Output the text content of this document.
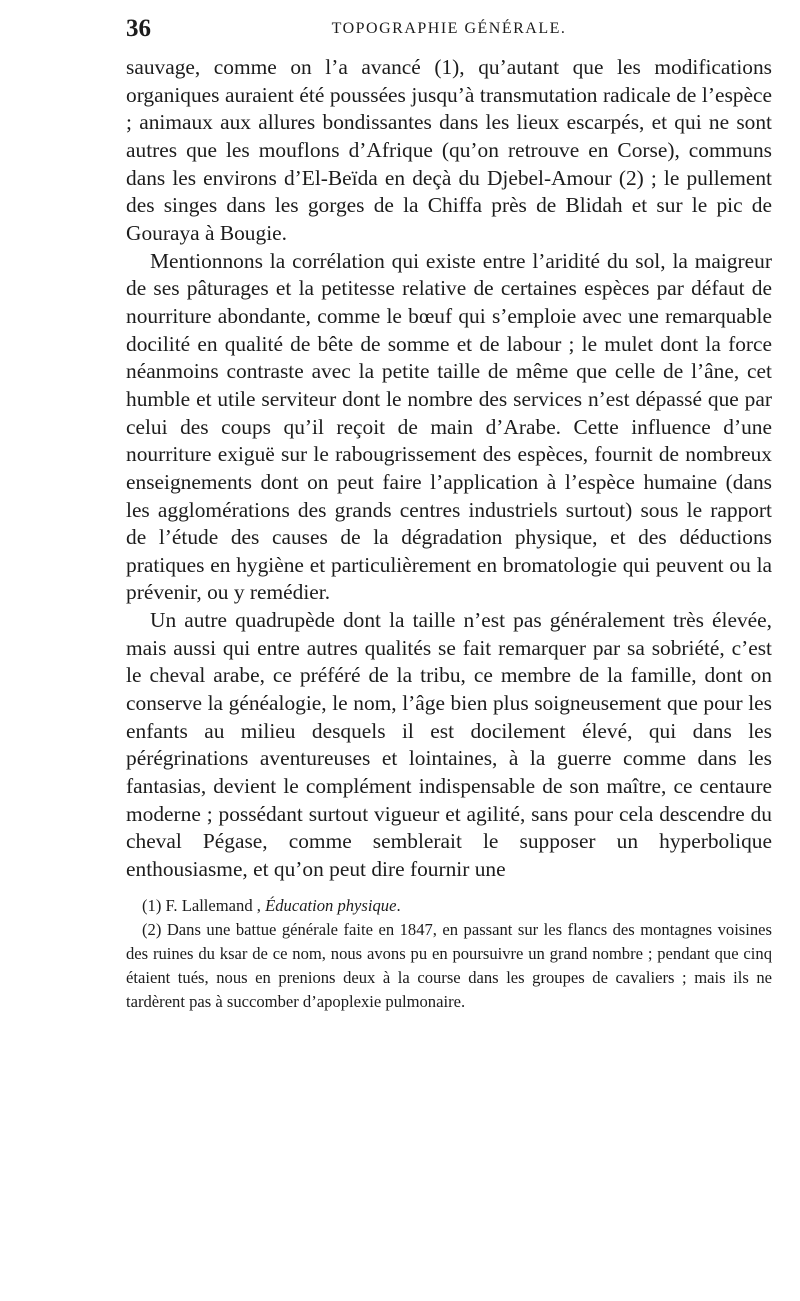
36	TOPOGRAPHIE GÉNÉRALE.

sauvage, comme on l’a avancé (1), qu’autant que les modifications organiques auraient été poussées jusqu’à transmutation radicale de l’espèce ; animaux aux allures bondissantes dans les lieux escarpés, et qui ne sont autres que les mouflons d’Afrique (qu’on retrouve en Corse), communs dans les environs d’El-Beïda en deçà du Djebel-Amour (2) ; le pullement des singes dans les gorges de la Chiffa près de Blidah et sur le pic de Gouraya à Bougie.

Mentionnons la corrélation qui existe entre l’aridité du sol, la maigreur de ses pâturages et la petitesse relative de certaines espèces par défaut de nourriture abondante, comme le bœuf qui s’emploie avec une remarquable docilité en qualité de bête de somme et de labour ; le mulet dont la force néanmoins contraste avec la petite taille de même que celle de l’âne, cet humble et utile serviteur dont le nombre des services n’est dépassé que par celui des coups qu’il reçoit de main d’Arabe. Cette influence d’une nourriture exiguë sur le rabougrissement des espèces, fournit de nombreux enseignements dont on peut faire l’application à l’espèce humaine (dans les agglomérations des grands centres industriels surtout) sous le rapport de l’étude des causes de la dégradation physique, et des déductions pratiques en hygiène et particulièrement en bromatologie qui peuvent ou la prévenir, ou y remédier.

Un autre quadrupède dont la taille n’est pas généralement très élevée, mais aussi qui entre autres qualités se fait remarquer par sa sobriété, c’est le cheval arabe, ce préféré de la tribu, ce membre de la famille, dont on conserve la généalogie, le nom, l’âge bien plus soigneusement que pour les enfants au milieu desquels il est docilement élevé, qui dans les pérégrinations aventureuses et lointaines, à la guerre comme dans les fantasias, devient le complément indispensable de son maître, ce centaure moderne ; possédant surtout vigueur et agilité, sans pour cela descendre du cheval Pégase, comme semblerait le supposer un hyperbolique enthousiasme, et qu’on peut dire fournir une

(1) F. Lallemand , Éducation physique.

(2) Dans une battue générale faite en 1847, en passant sur les flancs des montagnes voisines des ruines du ksar de ce nom, nous avons pu en poursuivre un grand nombre ; pendant que cinq étaient tués, nous en prenions deux à la course dans les groupes de cavaliers ; mais ils ne tardèrent pas à succomber d’apoplexie pulmonaire.
